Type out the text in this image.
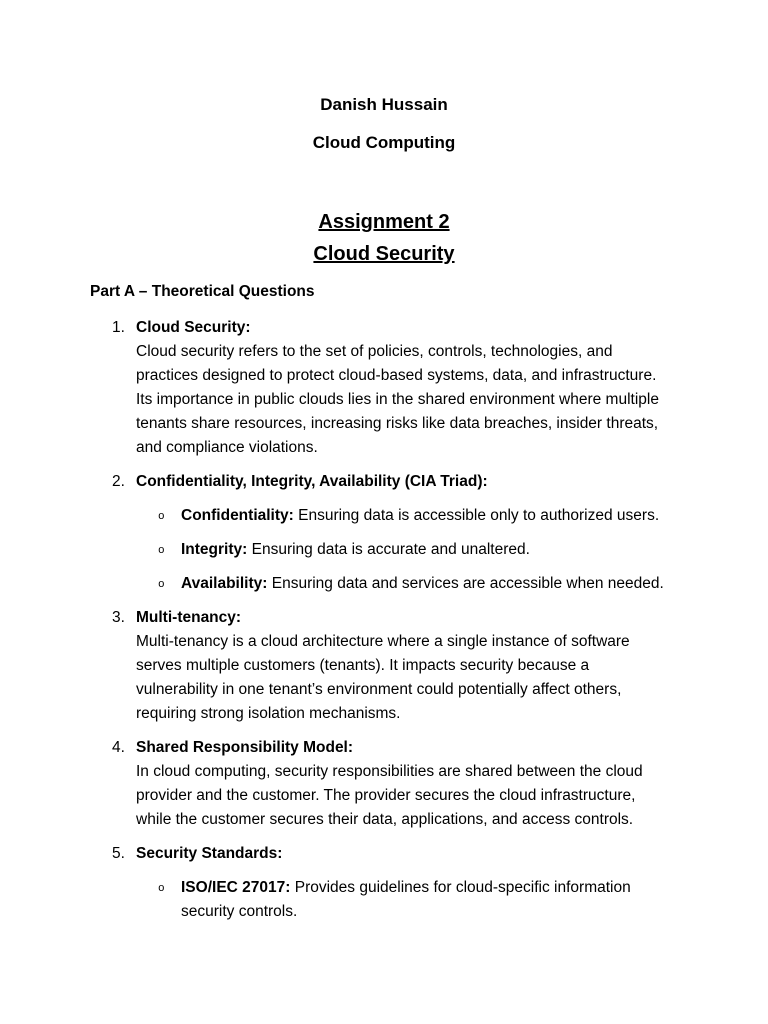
Danish Hussain
Cloud Computing
Assignment 2
Cloud Security
Part A – Theoretical Questions
1. Cloud Security:
Cloud security refers to the set of policies, controls, technologies, and practices designed to protect cloud-based systems, data, and infrastructure. Its importance in public clouds lies in the shared environment where multiple tenants share resources, increasing risks like data breaches, insider threats, and compliance violations.
2. Confidentiality, Integrity, Availability (CIA Triad):
o Confidentiality: Ensuring data is accessible only to authorized users.
o Integrity: Ensuring data is accurate and unaltered.
o Availability: Ensuring data and services are accessible when needed.
3. Multi-tenancy:
Multi-tenancy is a cloud architecture where a single instance of software serves multiple customers (tenants). It impacts security because a vulnerability in one tenant’s environment could potentially affect others, requiring strong isolation mechanisms.
4. Shared Responsibility Model:
In cloud computing, security responsibilities are shared between the cloud provider and the customer. The provider secures the cloud infrastructure, while the customer secures their data, applications, and access controls.
5. Security Standards:
o ISO/IEC 27017: Provides guidelines for cloud-specific information security controls.
